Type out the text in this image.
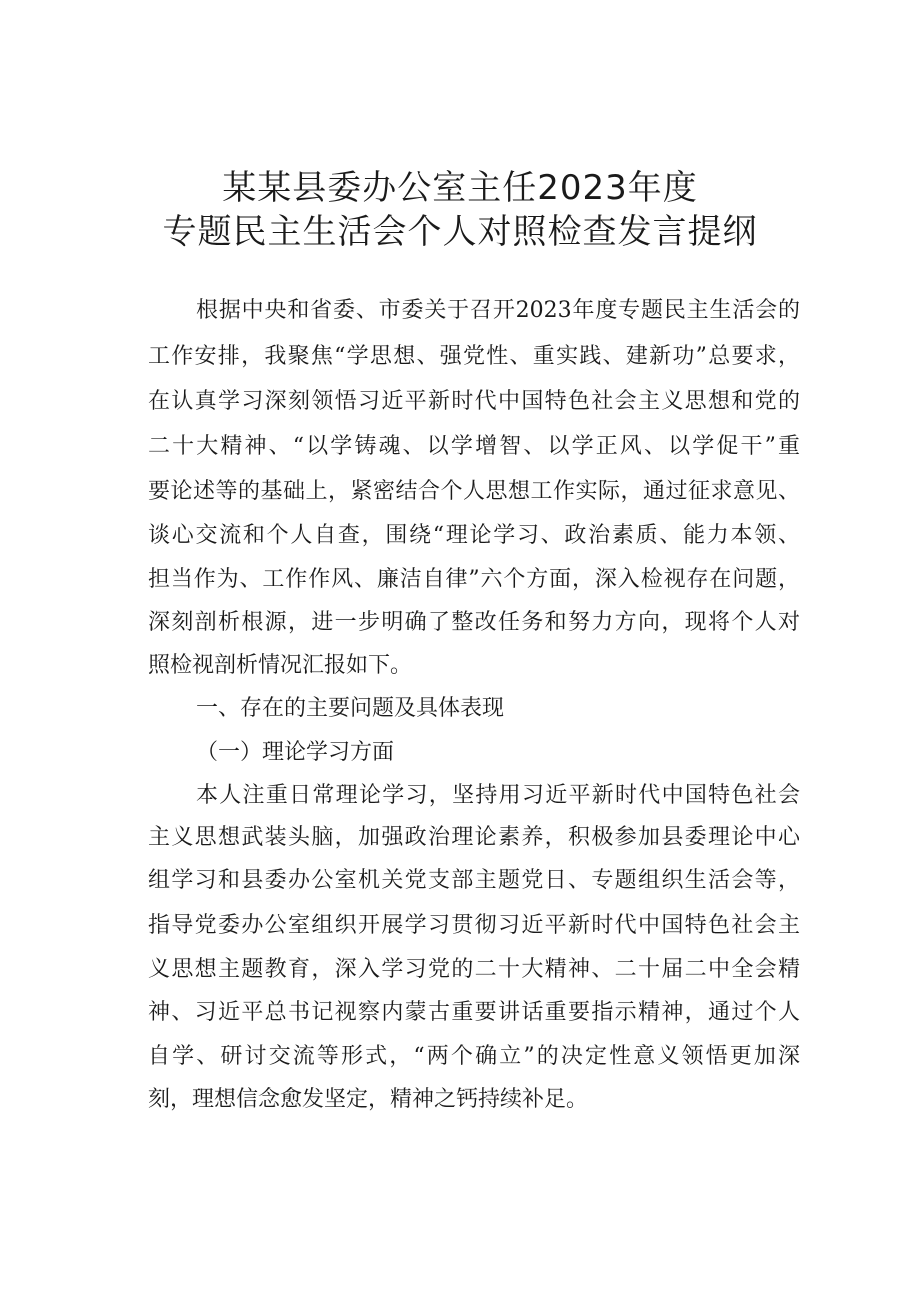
某某县委办公室主任2023年度
专题民主生活会个人对照检查发言提纲
根据中央和省委、市委关于召开2023年度专题民主生活会的
工作安排，我聚焦“学思想、强党性、重实践、建新功”总要求，
在认真学习深刻领悟习近平新时代中国特色社会主义思想和党的
二十大精神、“以学铸魂、以学增智、以学正风、以学促干”重
要论述等的基础上，紧密结合个人思想工作实际，通过征求意见、
谈心交流和个人自查，围绕“理论学习、政治素质、能力本领、
担当作为、工作作风、廉洁自律”六个方面，深入检视存在问题，
深刻剖析根源，进一步明确了整改任务和努力方向，现将个人对
照检视剖析情况汇报如下。
一、存在的主要问题及具体表现
（一）理论学习方面
本人注重日常理论学习，坚持用习近平新时代中国特色社会
主义思想武装头脑，加强政治理论素养，积极参加县委理论中心
组学习和县委办公室机关党支部主题党日、专题组织生活会等，
指导党委办公室组织开展学习贯彻习近平新时代中国特色社会主
义思想主题教育，深入学习党的二十大精神、二十届二中全会精
神、习近平总书记视察内蒙古重要讲话重要指示精神，通过个人
自学、研讨交流等形式，“两个确立”的决定性意义领悟更加深
刻，理想信念愈发坚定，精神之钙持续补足。
